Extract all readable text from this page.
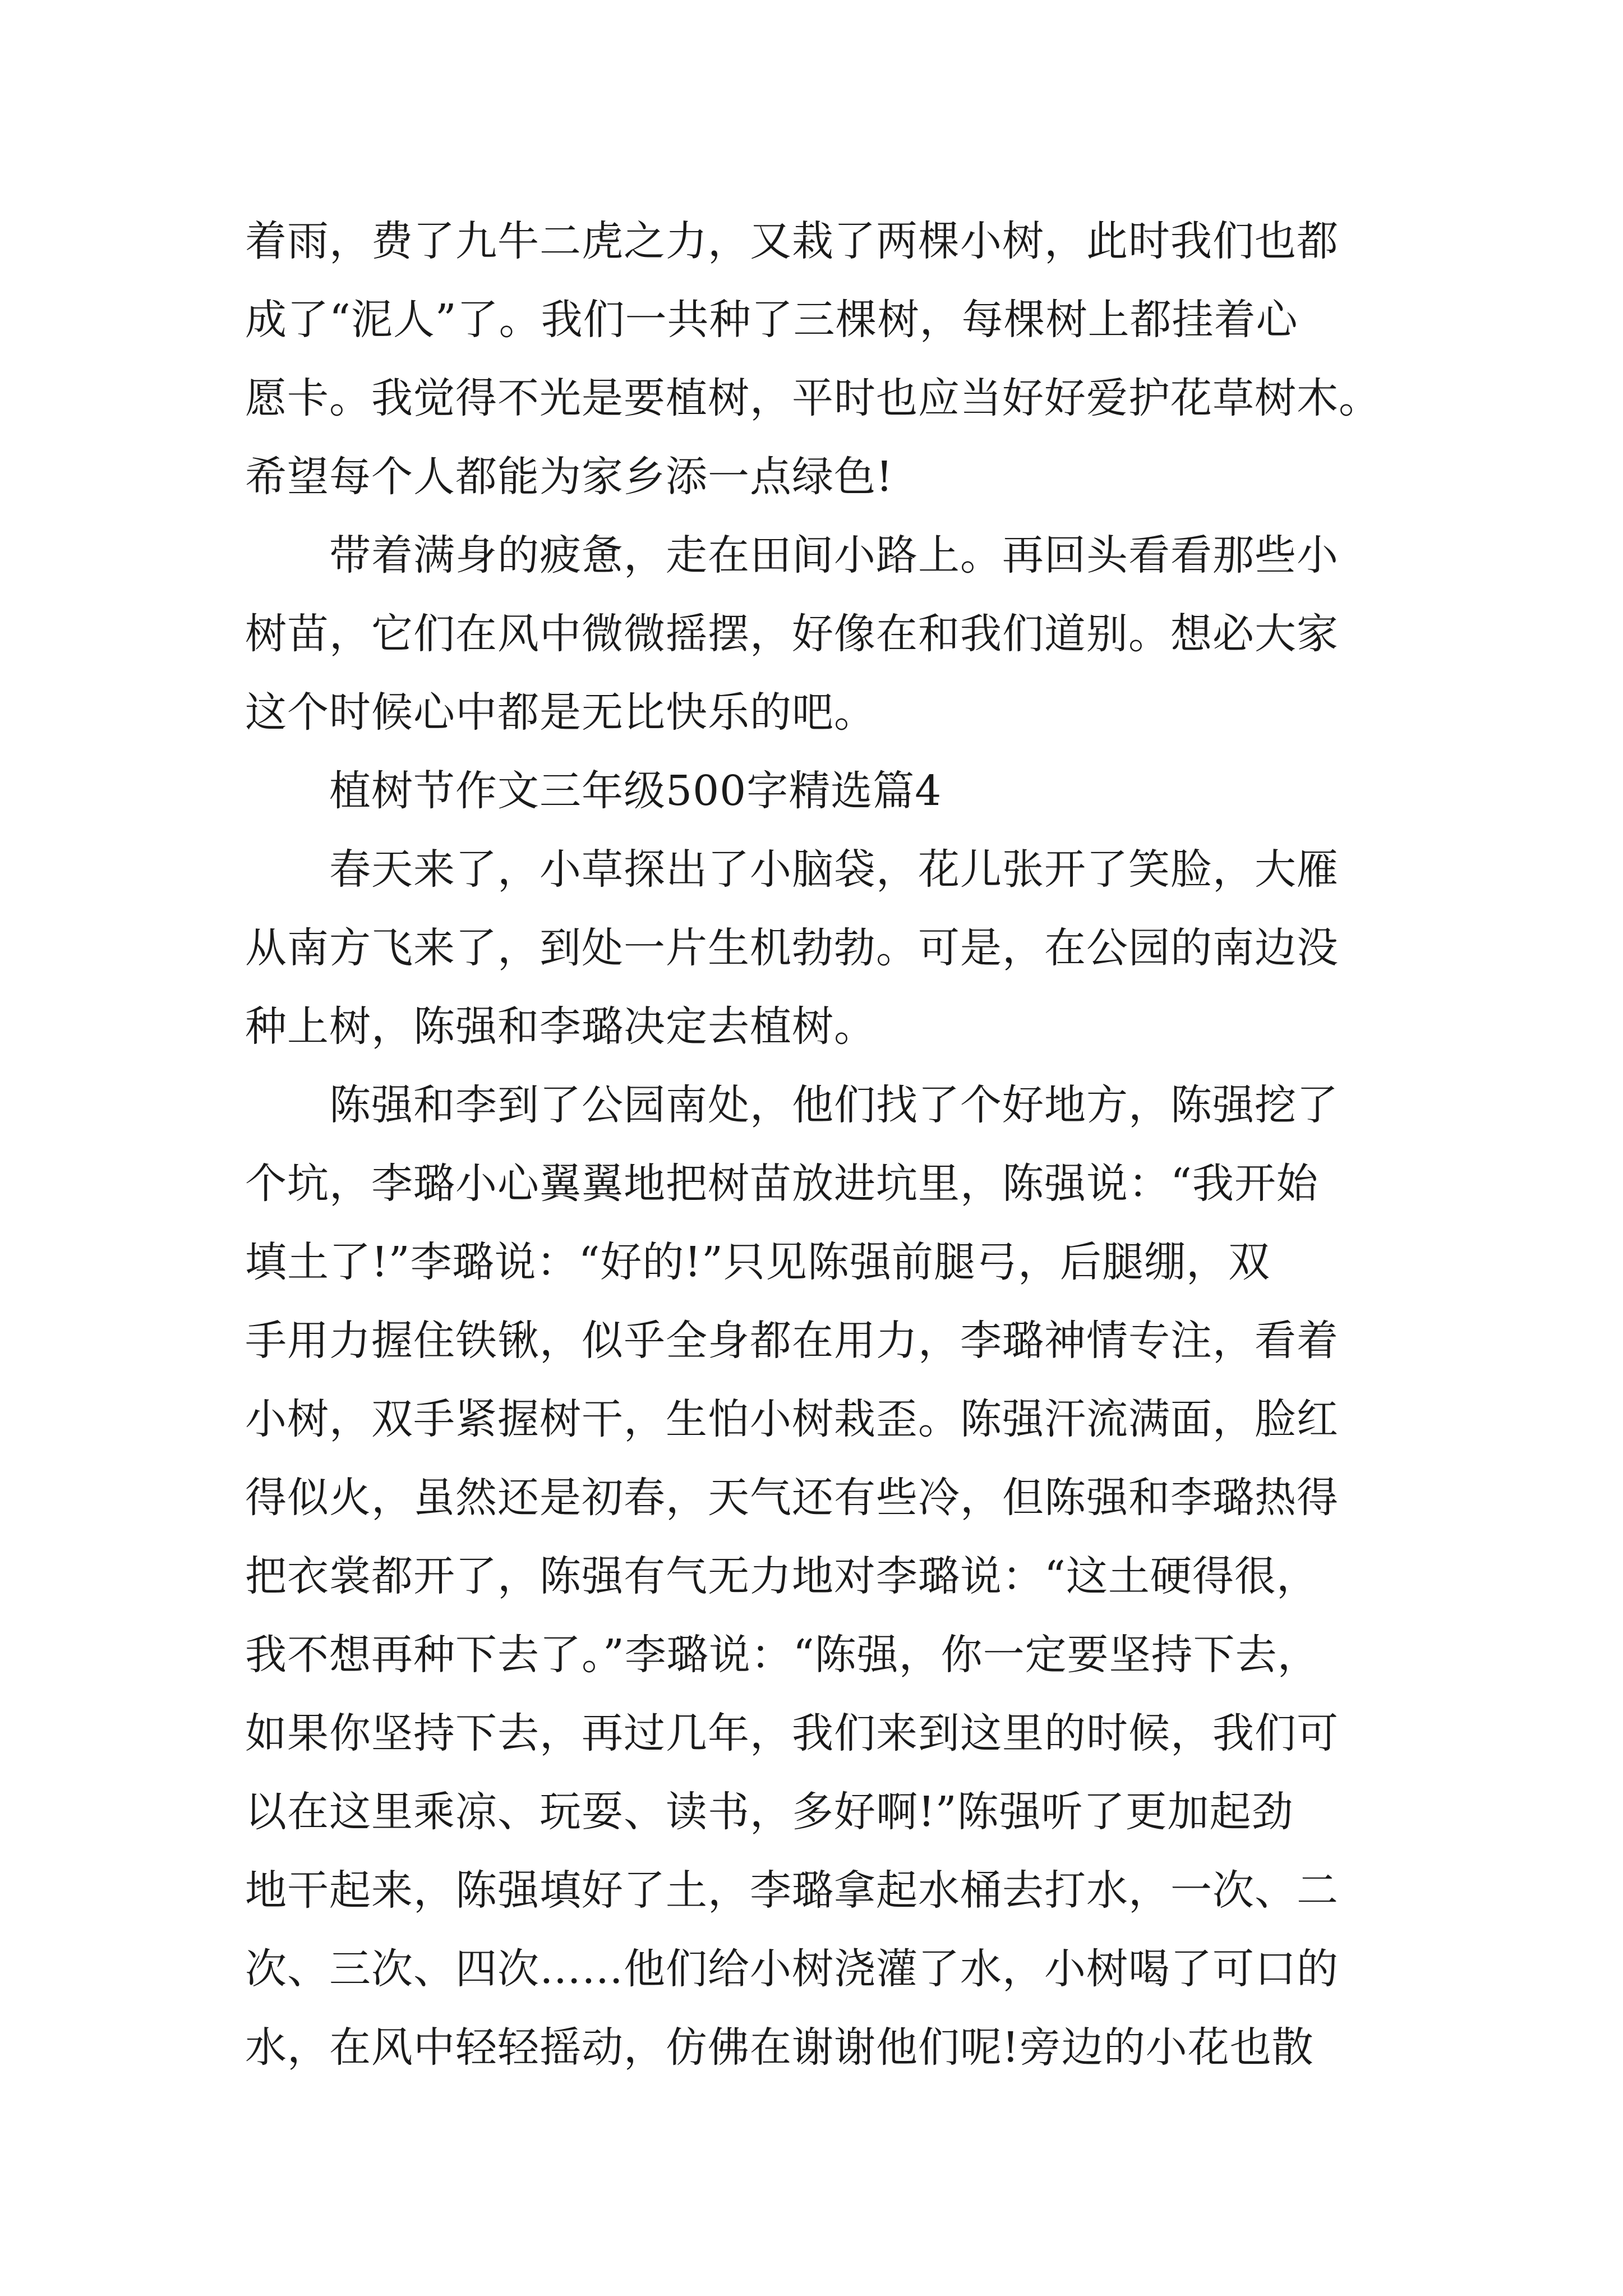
着雨，费了九牛二虎之力，又栽了两棵小树，此时我们也都
成了“泥人”了。我们一共种了三棵树，每棵树上都挂着心
愿卡。我觉得不光是要植树，平时也应当好好爱护花草树木。
希望每个人都能为家乡添一点绿色!
带着满身的疲惫，走在田间小路上。再回头看看那些小
树苗，它们在风中微微摇摆，好像在和我们道别。想必大家
这个时候心中都是无比快乐的吧。
植树节作文三年级500字精选篇4
春天来了，小草探出了小脑袋，花儿张开了笑脸，大雁
从南方飞来了，到处一片生机勃勃。可是，在公园的南边没
种上树，陈强和李璐决定去植树。
陈强和李到了公园南处，他们找了个好地方，陈强挖了
个坑，李璐小心翼翼地把树苗放进坑里，陈强说：“我开始
填土了!”李璐说：“好的!”只见陈强前腿弓，后腿绷，双
手用力握住铁锹，似乎全身都在用力，李璐神情专注，看着
小树，双手紧握树干，生怕小树栽歪。陈强汗流满面，脸红
得似火，虽然还是初春，天气还有些冷，但陈强和李璐热得
把衣裳都开了，陈强有气无力地对李璐说：“这土硬得很，
我不想再种下去了。”李璐说：“陈强，你一定要坚持下去，
如果你坚持下去，再过几年，我们来到这里的时候，我们可
以在这里乘凉、玩耍、读书，多好啊!”陈强听了更加起劲
地干起来，陈强填好了土，李璐拿起水桶去打水，一次、二
次、三次、四次……他们给小树浇灌了水，小树喝了可口的
水，在风中轻轻摇动，仿佛在谢谢他们呢!旁边的小花也散
